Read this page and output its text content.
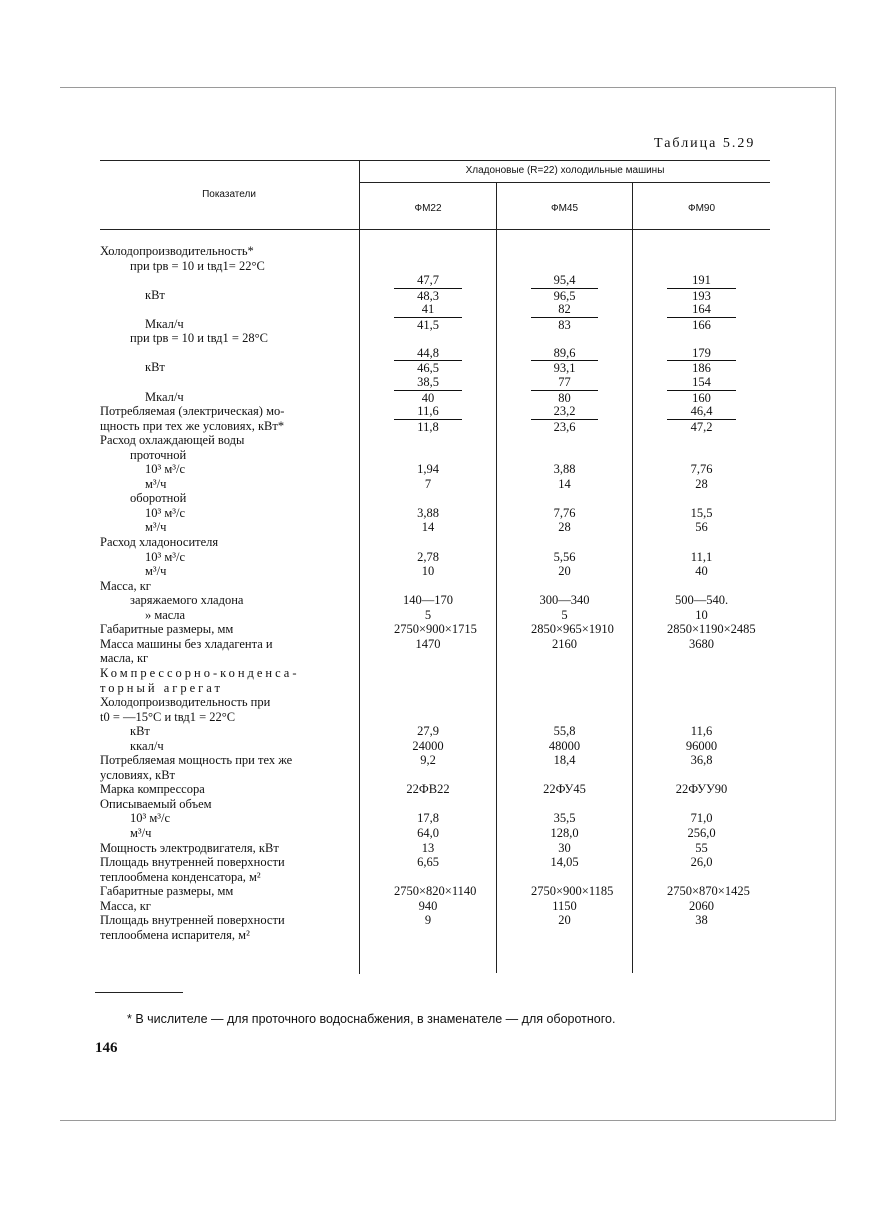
Таблица 5.29
Показатели
Хладоновые (R=22) холодильные машины
ФМ22	ФМ45	ФМ90
Холодопроизводительность*
при tрв = 10 и tвд1= 22°C
47,7	95,4	191
кВт	48,3	96,5	193
41	82	164
Мкал/ч	41,5	83	166
при tрв = 10 и tвд1 = 28°C
44,8	89,6	179
кВт	46,5	93,1	186
38,5	77	154
Мкал/ч	40	80	160
Потребляемая (электрическая) мо-	11,6	23,2	46,4
щность при тех же условиях, кВт*	11,8	23,6	47,2
Расход охлаждающей воды
проточной
10³ м³/с	1,94	3,88	7,76
м³/ч	7	14	28
оборотной
10³ м³/с	3,88	7,76	15,5
м³/ч	14	28	56
Расход хладоносителя
10³ м³/с	2,78	5,56	11,1
м³/ч	10	20	40
Масса, кг
заряжаемого хладона	140—170	300—340	500—540.
» масла	5	5	10
Габаритные размеры, мм	2750×900×1715	2850×965×1910	2850×1190×2485
Масса машины без хладагента и	1470	2160	3680
масла, кг
Компрессорно-конденса-
торный агрегат
Холодопроизводительность при
t0 = —15°C и tвд1 = 22°C
кВт	27,9	55,8	11,6
ккал/ч	24000	48000	96000
Потребляемая мощность при тех же	9,2	18,4	36,8
условиях, кВт
Марка компрессора	22ФВ22	22ФУ45	22ФУУ90
Описываемый объем
10³ м³/с	17,8	35,5	71,0
м³/ч	64,0	128,0	256,0
Мощность электродвигателя, кВт	13	30	55
Площадь внутренней поверхности	6,65	14,05	26,0
теплообмена конденсатора, м²
Габаритные размеры, мм	2750×820×1140	2750×900×1185	2750×870×1425
Масса, кг	940	1150	2060
Площадь внутренней поверхности	9	20	38
теплообмена испарителя, м²
* В числителе — для проточного водоснабжения, в знаменателе — для оборотного.
146
